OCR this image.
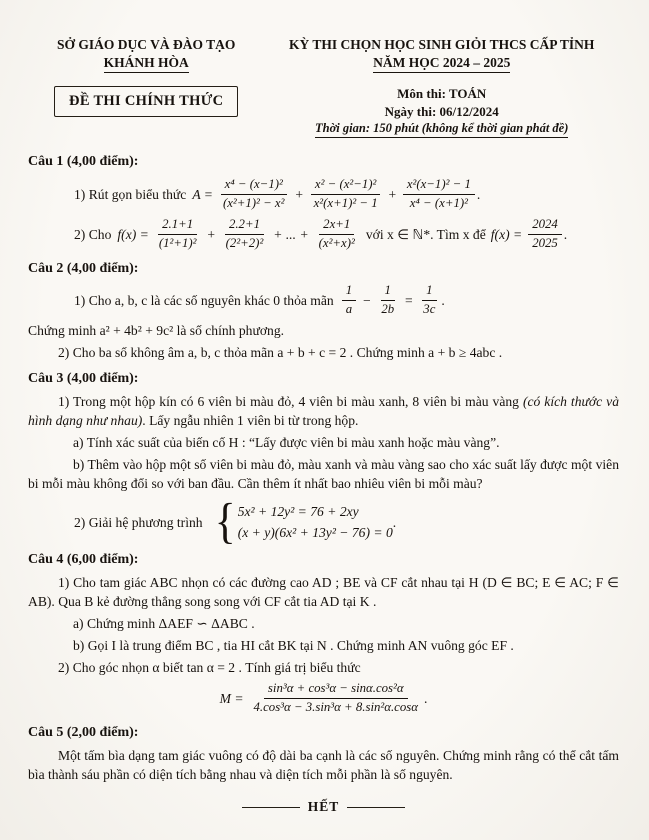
SỞ GIÁO DỤC VÀ ĐÀO TẠO
KHÁNH HÒA
ĐỀ THI CHÍNH THỨC
KỲ THI CHỌN HỌC SINH GIỎI THCS CẤP TỈNH
NĂM HỌC 2024 – 2025
Môn thi: TOÁN
Ngày thi: 06/12/2024
Thời gian: 150 phút (không kể thời gian phát đề)
Câu 1 (4,00 điểm):
1) Rút gọn biểu thức $A = \frac{\text{x⁴ − (x−1)²}}{\text{(x²+1)² − x²}} + \frac{\text{x² − (x²−1)²}}{\text{x²(x+1)² − 1}} + \frac{\text{x²(x−1)² − 1}}{\text{x⁴ − (x+1)²}}$ .
2) Cho $f(x) = \frac{2.1+1}{\text{(1²+1)²}} + \frac{2.2+1}{\text{(2²+2)²}}$ + ... + $\frac{2x+1}{\text{(x²+x)²}}$ với x ∈ ℕ*. Tìm x để $f(x) = \frac{2024}{2025}$ .
Câu 2 (4,00 điểm):
1) Cho a, b, c là các số nguyên khác 0 thỏa mãn $\frac{1}{a} - \frac{1}{2b} = \frac{1}{3c}$ .
Chứng minh a² + 4b² + 9c² là số chính phương.
2) Cho ba số không âm a, b, c thỏa mãn a + b + c = 2 . Chứng minh a + b ≥ 4abc .
Câu 3 (4,00 điểm):
1) Trong một hộp kín có 6 viên bi màu đỏ, 4 viên bi màu xanh, 8 viên bi màu vàng (có kích thước và hình dạng như nhau). Lấy ngẫu nhiên 1 viên bi từ trong hộp.
a) Tính xác suất của biến cố H : “Lấy được viên bi màu xanh hoặc màu vàng”.
b) Thêm vào hộp một số viên bi màu đỏ, màu xanh và màu vàng sao cho xác suất lấy được một viên bi mỗi màu không đổi so với ban đầu. Cần thêm ít nhất bao nhiêu viên bi mỗi màu?
2) Giải hệ phương trình { 5x² + 12y² = 76 + 2xy
(x + y)(6x² + 13y² − 76) = 0
.
Câu 4 (6,00 điểm):
1) Cho tam giác ABC nhọn có các đường cao AD ; BE và CF cắt nhau tại H (D ∈ BC; E ∈ AC; F ∈ AB). Qua B kẻ đường thẳng song song với CF cắt tia AD tại K .
a) Chứng minh ΔAEF ∽ ΔABC .
b) Gọi I là trung điểm BC , tia HI cắt BK tại N . Chứng minh AN vuông góc EF .
2) Cho góc nhọn α biết tan α = 2 . Tính giá trị biểu thức
$M = \frac{\text{sin³α + cos³α − sinα.cos²α}}{\text{4.cos³α − 3.sin³α + 8.sin²α.cosα}}$ .
Câu 5 (2,00 điểm):
Một tấm bìa dạng tam giác vuông có độ dài ba cạnh là các số nguyên. Chứng minh rằng có thể cắt tấm bìa thành sáu phần có diện tích bằng nhau và diện tích mỗi phần là số nguyên.
HẾT
